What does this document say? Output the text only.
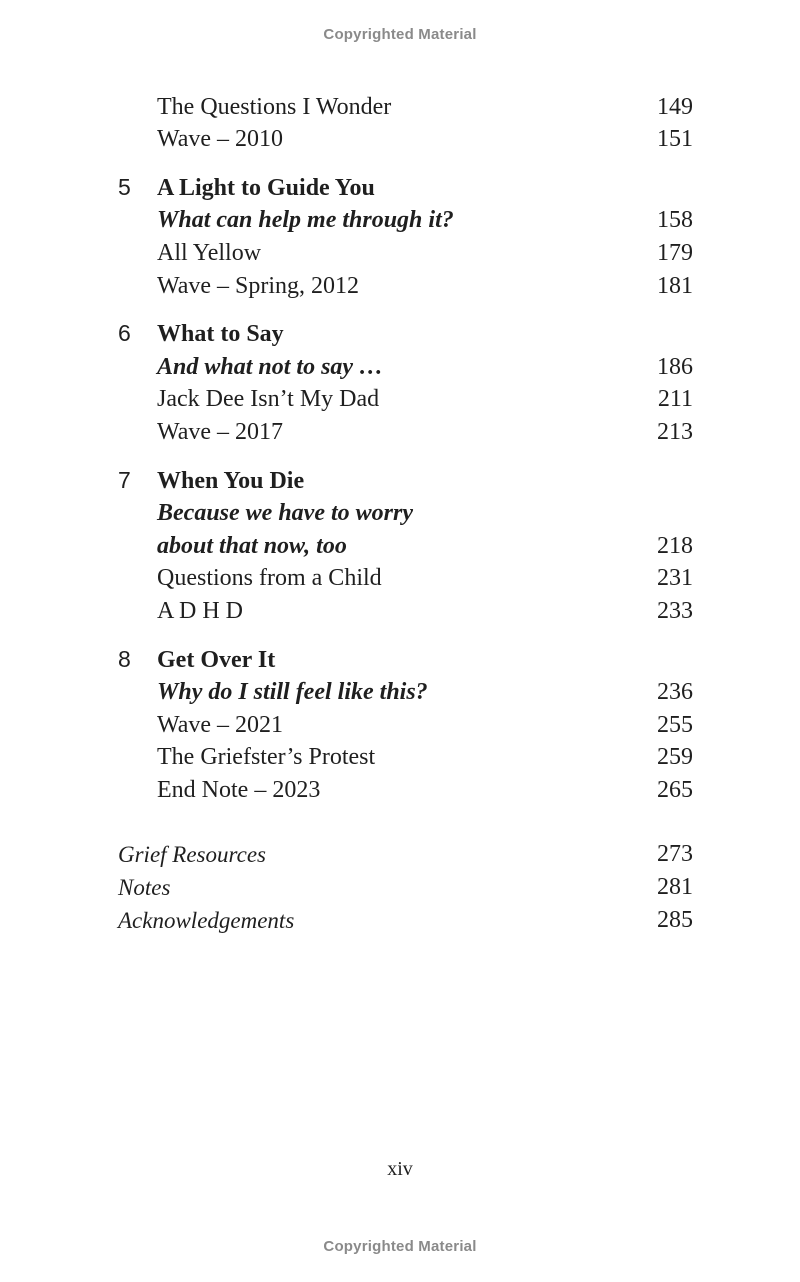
Copyrighted Material
The Questions I Wonder	149
Wave – 2010	151
5 A Light to Guide You
What can help me through it?	158
All Yellow	179
Wave – Spring, 2012	181
6 What to Say
And what not to say …	186
Jack Dee Isn’t My Dad	211
Wave – 2017	213
7 When You Die
Because we have to worry
about that now, too	218
Questions from a Child	231
A D H D	233
8 Get Over It
Why do I still feel like this?	236
Wave – 2021	255
The Griefster’s Protest	259
End Note – 2023	265
Grief Resources	273
Notes	281
Acknowledgements	285
xiv
Copyrighted Material
